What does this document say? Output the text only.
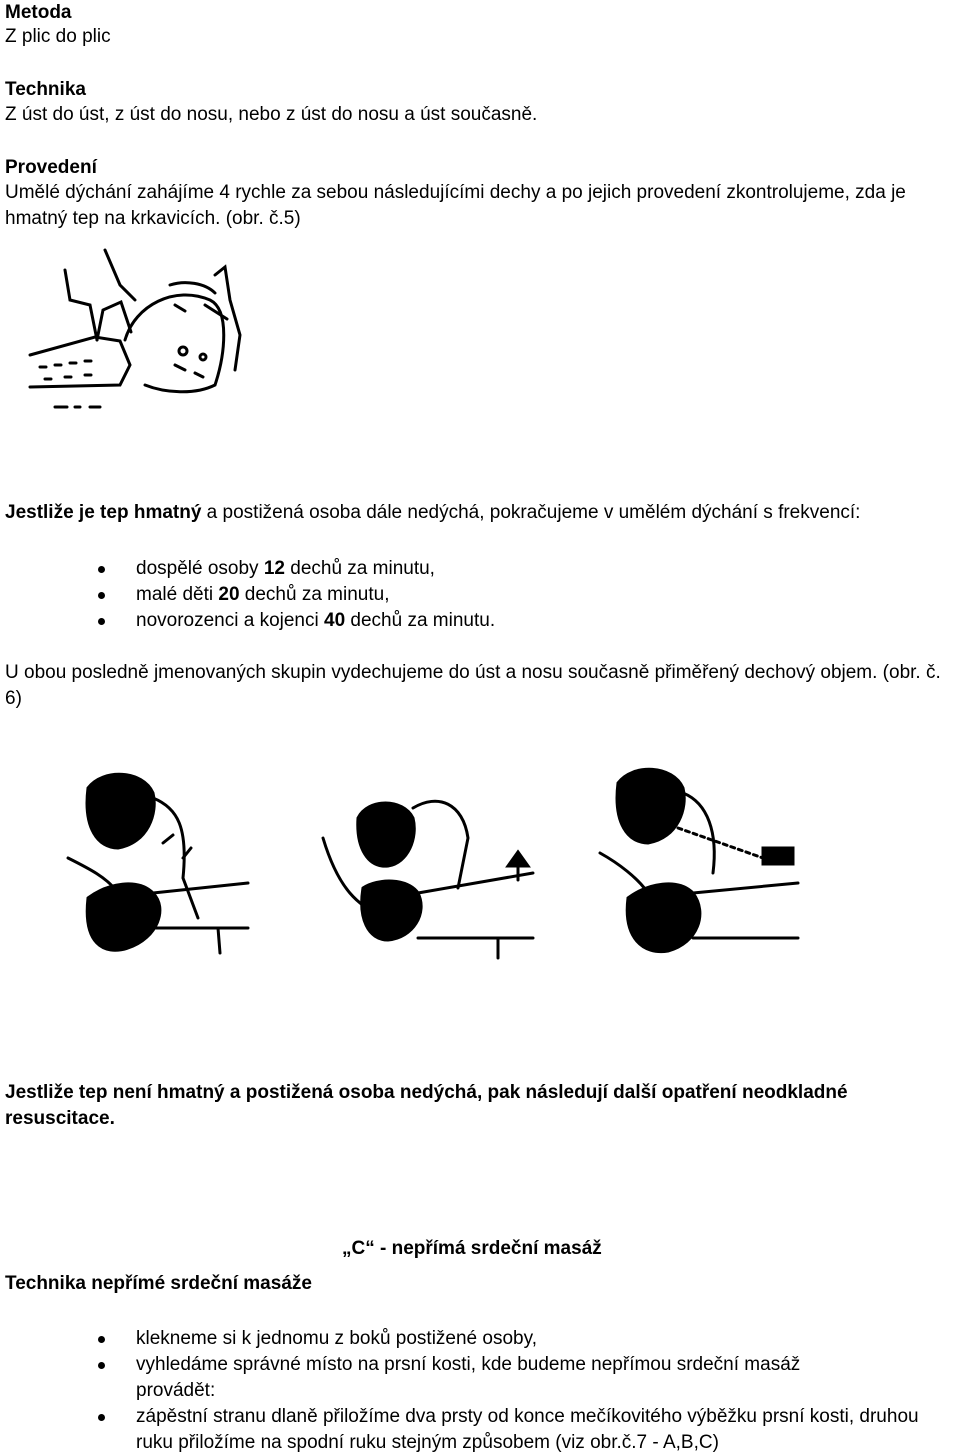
Metoda

Z plic do plic

Technika

Z úst do úst, z úst do nosu, nebo z úst do nosu a úst současně.

Provedení

Umělé dýchání zahájíme 4 rychle za sebou následujícími dechy a po jejich provedení zkontrolujeme, zda je hmatný tep na krkavicích. (obr. č.5)

Jestliže je tep hmatný a postižená osoba dále nedýchá, pokračujeme v umělém dýchání s frekvencí:

dospělé osoby 12 dechů za minutu,
malé děti 20 dechů za minutu,
novorozenci a kojenci 40 dechů za minutu.

U obou posledně jmenovaných skupin vydechujeme do úst a nosu současně přiměřený dechový objem. (obr. č. 6)

Jestliže tep není hmatný a postižená osoba nedýchá, pak následují další opatření neodkladné resuscitace.

„C“ - nepřímá srdeční masáž

Technika nepřímé srdeční masáže

klekneme si k jednomu z boků postižené osoby,
vyhledáme správné místo na prsní kosti, kde budeme nepřímou srdeční masáž provádět:
zápěstní stranu dlaně přiložíme dva prsty od konce mečíkovitého výběžku prsní kosti, druhou ruku přiložíme na spodní ruku stejným způsobem (viz obr.č.7 - A,B,C)
